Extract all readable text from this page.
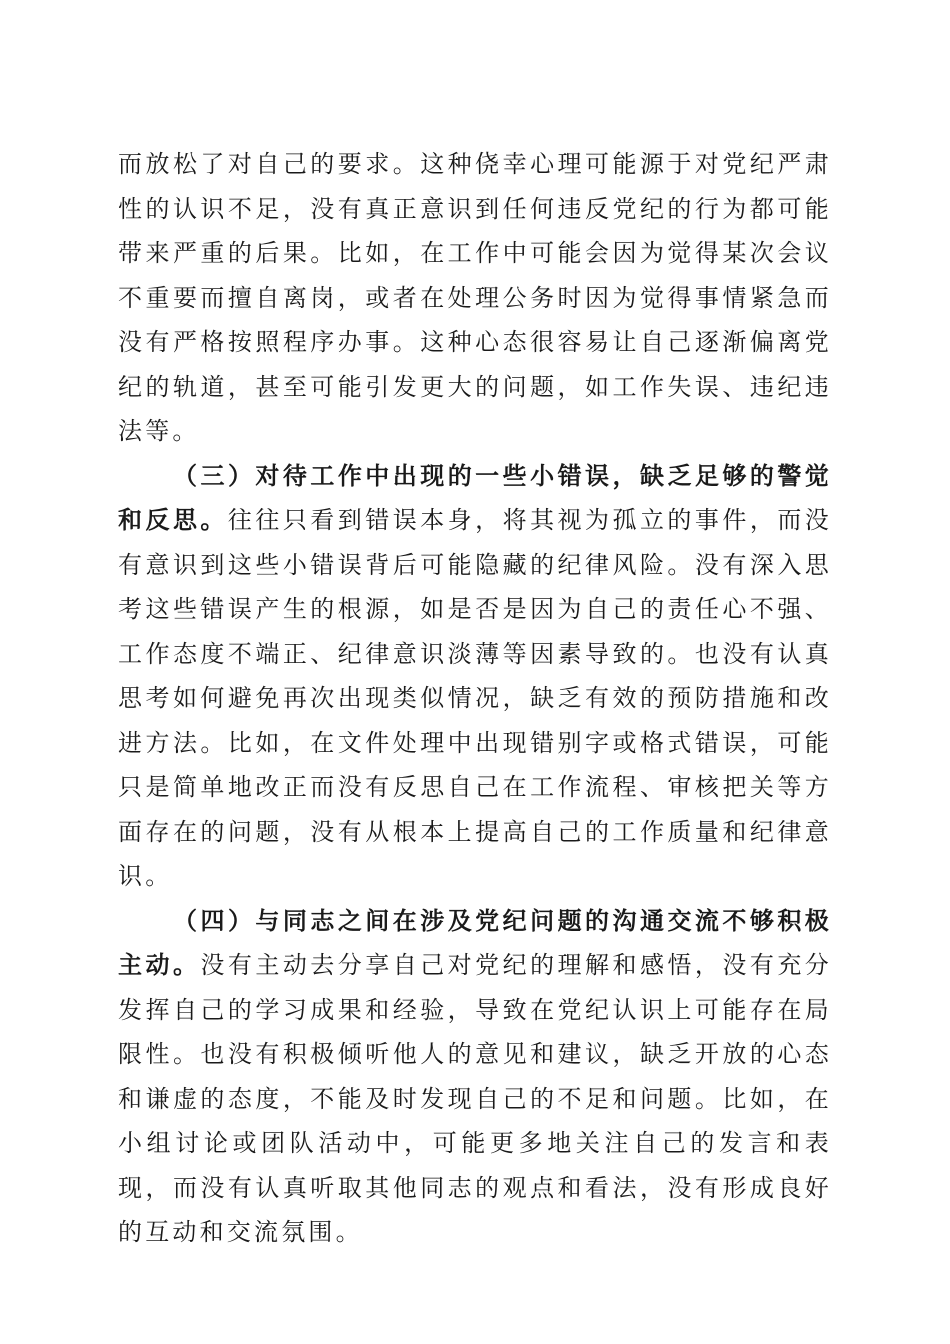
而放松了对自己的要求。这种侥幸心理可能源于对党纪严肃性的认识不足，没有真正意识到任何违反党纪的行为都可能带来严重的后果。比如，在工作中可能会因为觉得某次会议不重要而擅自离岗，或者在处理公务时因为觉得事情紧急而没有严格按照程序办事。这种心态很容易让自己逐渐偏离党纪的轨道，甚至可能引发更大的问题，如工作失误、违纪违法等。

（三）对待工作中出现的一些小错误，缺乏足够的警觉和反思。往往只看到错误本身，将其视为孤立的事件，而没有意识到这些小错误背后可能隐藏的纪律风险。没有深入思考这些错误产生的根源，如是否是因为自己的责任心不强、工作态度不端正、纪律意识淡薄等因素导致的。也没有认真思考如何避免再次出现类似情况，缺乏有效的预防措施和改进方法。比如，在文件处理中出现错别字或格式错误，可能只是简单地改正而没有反思自己在工作流程、审核把关等方面存在的问题，没有从根本上提高自己的工作质量和纪律意识。

（四）与同志之间在涉及党纪问题的沟通交流不够积极主动。没有主动去分享自己对党纪的理解和感悟，没有充分发挥自己的学习成果和经验，导致在党纪认识上可能存在局限性。也没有积极倾听他人的意见和建议，缺乏开放的心态和谦虚的态度，不能及时发现自己的不足和问题。比如，在小组讨论或团队活动中，可能更多地关注自己的发言和表现，而没有认真听取其他同志的观点和看法，没有形成良好的互动和交流氛围。
